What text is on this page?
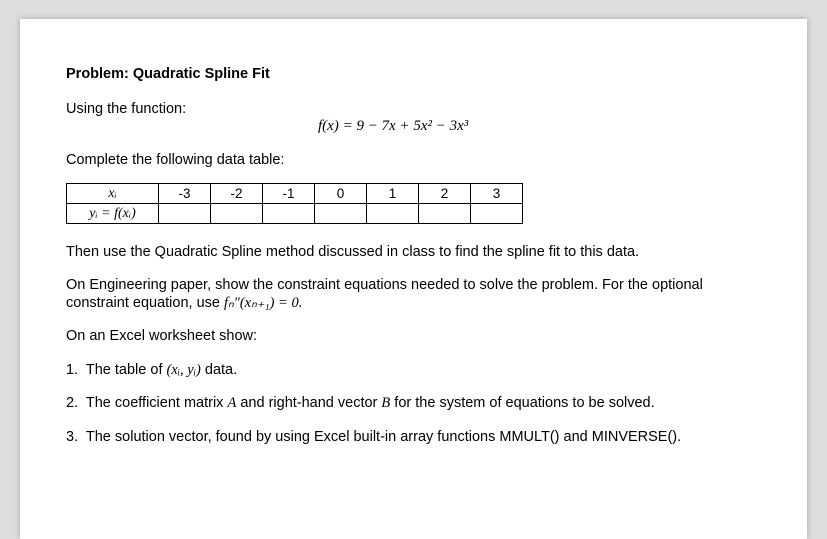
Problem: Quadratic Spline Fit
Using the function:
f(x) = 9 − 7x + 5x² − 3x³
Complete the following data table:
xᵢ	-3	-2	-1	0	1	2	3
yᵢ = f(xᵢ)							
Then use the Quadratic Spline method discussed in class to find the spline fit to this data.
On Engineering paper, show the constraint equations needed to solve the problem. For the optional
constraint equation, use fₙ″(xₙ₊₁) = 0.
On an Excel worksheet show:
1. The table of (xᵢ, yᵢ) data.
2. The coefficient matrix A and right-hand vector B for the system of equations to be solved.
3. The solution vector, found by using Excel built-in array functions MMULT() and MINVERSE().
